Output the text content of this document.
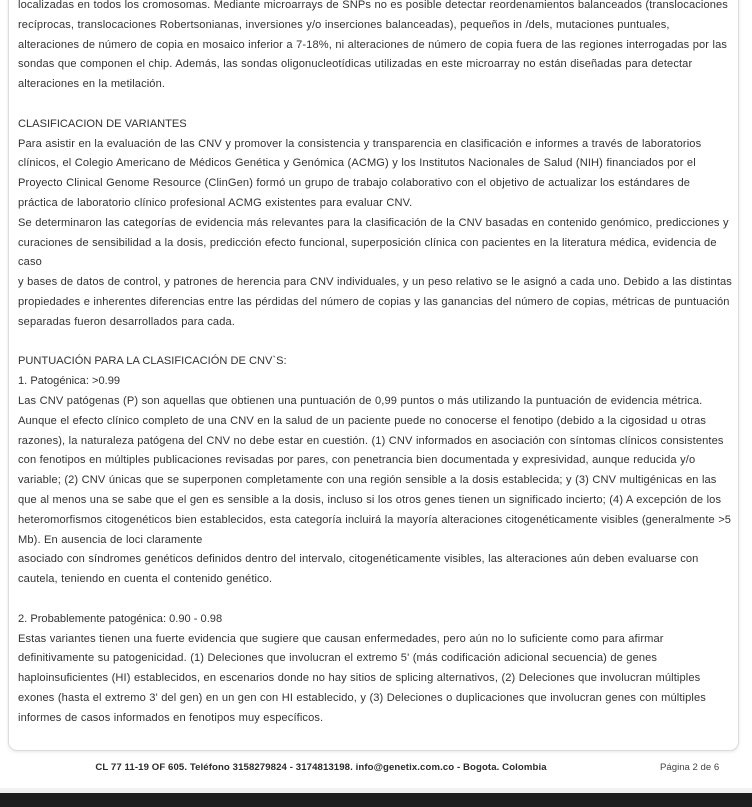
localizadas en todos los cromosomas. Mediante microarrays de SNPs no es posible detectar reordenamientos balanceados (translocaciones recíprocas, translocaciones Robertsonianas, inversiones y/o inserciones balanceadas), pequeños in /dels, mutaciones puntuales, alteraciones de número de copia en mosaico inferior a 7-18%, ni alteraciones de número de copia fuera de las regiones interrogadas por las sondas que componen el chip. Además, las sondas oligonucleotídicas utilizadas en este microarray no están diseñadas para detectar alteraciones en la metilación.

CLASIFICACION DE VARIANTES

Para asistir en la evaluación de las CNV y promover la consistencia y transparencia en clasificación e informes a través de laboratorios clínicos, el Colegio Americano de Médicos Genética y Genómica (ACMG) y los Institutos Nacionales de Salud (NIH) financiados por el Proyecto Clinical Genome Resource (ClinGen) formó un grupo de trabajo colaborativo con el objetivo de actualizar los estándares de práctica de laboratorio clínico profesional ACMG existentes para evaluar CNV.

Se determinaron las categorías de evidencia más relevantes para la clasificación de la CNV basadas en contenido genómico, predicciones y curaciones de sensibilidad a la dosis, predicción efecto funcional, superposición clínica con pacientes en la literatura médica, evidencia de caso

y bases de datos de control, y patrones de herencia para CNV individuales, y un peso relativo se le asignó a cada uno. Debido a las distintas propiedades e inherentes diferencias entre las pérdidas del número de copias y las ganancias del número de copias, métricas de puntuación separadas fueron desarrollados para cada.

PUNTUACIÓN PARA LA CLASIFICACIÓN DE CNV`S:

1. Patogénica: >0.99

Las CNV patógenas (P) son aquellas que obtienen una puntuación de 0,99 puntos o más utilizando la puntuación de evidencia métrica. Aunque el efecto clínico completo de una CNV en la salud de un paciente puede no conocerse el fenotipo (debido a la cigosidad u otras razones), la naturaleza patógena del CNV no debe estar en cuestión. (1) CNV informados en asociación con síntomas clínicos consistentes con fenotipos en múltiples publicaciones revisadas por pares, con penetrancia bien documentada y expresividad, aunque reducida y/o variable; (2) CNV únicas que se superponen completamente con una región sensible a la dosis establecida; y (3) CNV multigénicas en las que al menos una se sabe que el gen es sensible a la dosis, incluso si los otros genes tienen un significado incierto; (4) A excepción de los heteromorfismos citogenéticos bien establecidos, esta categoría incluirá la mayoría alteraciones citogenéticamente visibles (generalmente >5 Mb). En ausencia de loci claramente

asociado con síndromes genéticos definidos dentro del intervalo, citogenéticamente visibles, las alteraciones aún deben evaluarse con cautela, teniendo en cuenta el contenido genético.

2. Probablemente patogénica: 0.90 - 0.98

Estas variantes tienen una fuerte evidencia que sugiere que causan enfermedades, pero aún no lo suficiente como para afirmar definitivamente su patogenicidad. (1) Deleciones que involucran el extremo 5' (más codificación adicional secuencia) de genes haploinsuficientes (HI) establecidos, en escenarios donde no hay sitios de splicing alternativos, (2) Deleciones que involucran múltiples exones (hasta el extremo 3' del gen) en un gen con HI establecido, y (3) Deleciones o duplicaciones que involucran genes con múltiples informes de casos informados en fenotipos muy específicos.

CL 77 11-19 OF 605. Teléfono 3158279824 - 3174813198. info@genetix.com.co - Bogota. Colombia	Página 2 de 6
